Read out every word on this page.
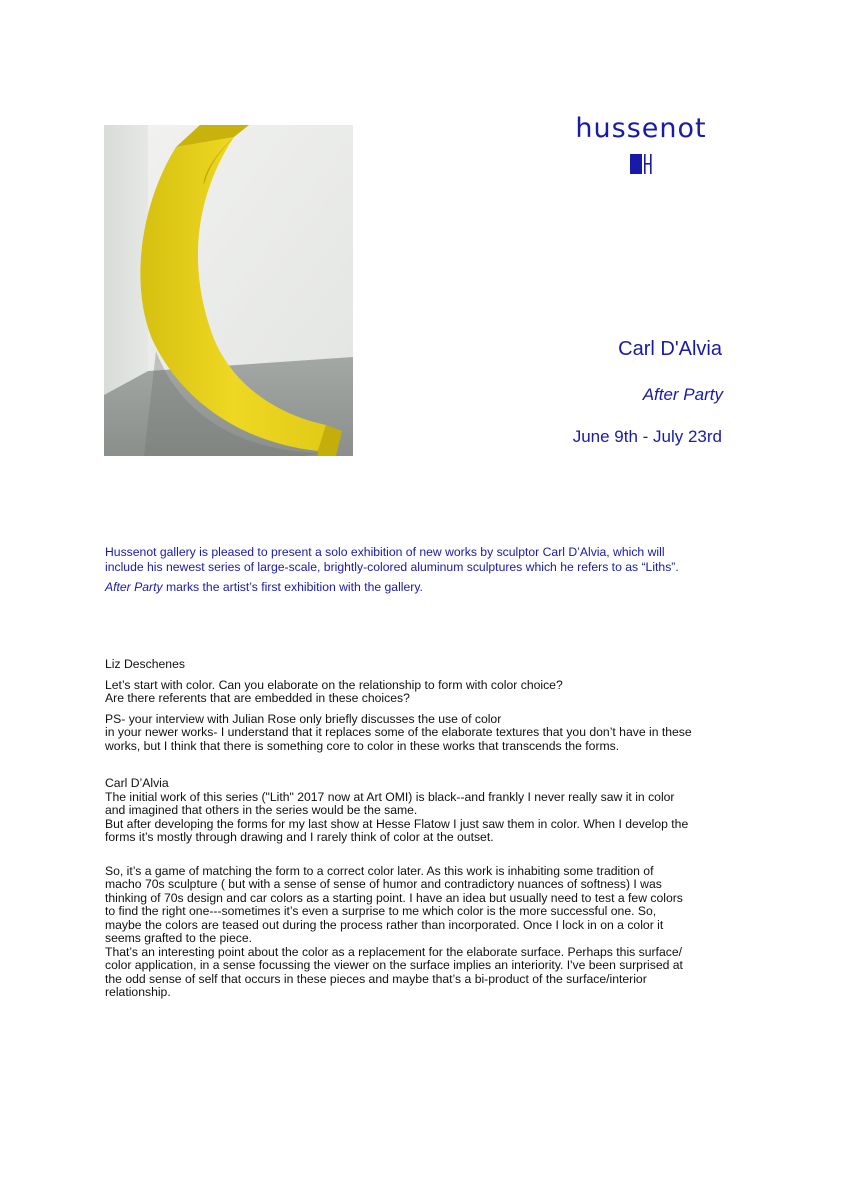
hussenot
Carl D'Alvia
After Party
June 9th - July 23rd

Hussenot gallery is pleased to present a solo exhibition of new works by sculptor Carl D’Alvia, which will
include his newest series of large-scale, brightly-colored aluminum sculptures which he refers to as “Liths”.

After Party marks the artist’s first exhibition with the gallery.

Liz Deschenes

Let’s start with color. Can you elaborate on the relationship to form with color choice?
Are there referents that are embedded in these choices?

PS- your interview with Julian Rose only briefly discusses the use of color
in your newer works- I understand that it replaces some of the elaborate textures that you don’t have in these
works, but I think that there is something core to color in these works that transcends the forms.

Carl D’Alvia

The initial work of this series ("Lith" 2017 now at Art OMI) is black--and frankly I never really saw it in color
and imagined that others in the series would be the same.
But after developing the forms for my last show at Hesse Flatow I just saw them in color. When I develop the
forms it’s mostly through drawing and I rarely think of color at the outset.

So, it’s a game of matching the form to a correct color later. As this work is inhabiting some tradition of
macho 70s sculpture ( but with a sense of sense of humor and contradictory nuances of softness) I was
thinking of 70s design and car colors as a starting point. I have an idea but usually need to test a few colors
to find the right one---sometimes it’s even a surprise to me which color is the more successful one. So,
maybe the colors are teased out during the process rather than incorporated. Once I lock in on a color it
seems grafted to the piece.
That’s an interesting point about the color as a replacement for the elaborate surface. Perhaps this surface/
color application, in a sense focussing the viewer on the surface implies an interiority. I've been surprised at
the odd sense of self that occurs in these pieces and maybe that’s a bi-product of the surface/interior
relationship.
